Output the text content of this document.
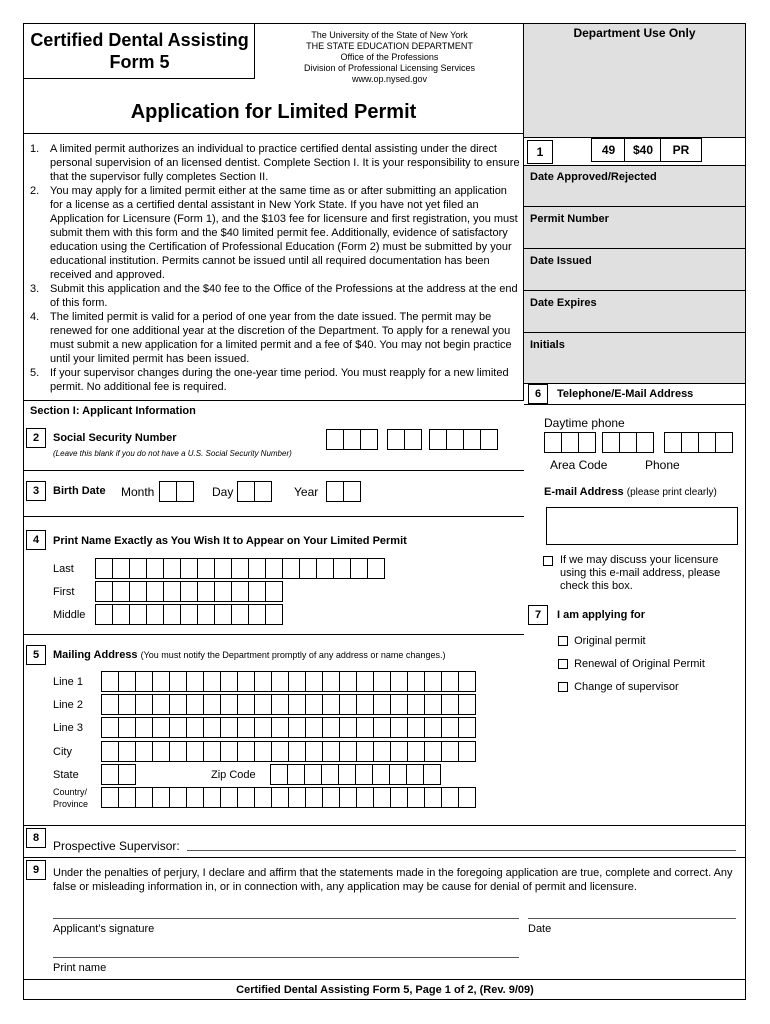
Certified Dental Assisting
Form 5
The University of the State of New York
THE STATE EDUCATION DEPARTMENT
Office of the Professions
Division of Professional Licensing Services
www.op.nysed.gov
Application for Limited Permit
1. A limited permit authorizes an individual to practice certified dental assisting under the direct personal supervision of an licensed dentist. Complete Section I. It is your responsibility to ensure that the supervisor fully completes Section II.
2. You may apply for a limited permit either at the same time as or after submitting an application for a license as a certified dental assistant in New York State. If you have not yet filed an Application for Licensure (Form 1), and the $103 fee for licensure and first registration, you must submit them with this form and the $40 limited permit fee. Additionally, evidence of satisfactory education using the Certification of Professional Education (Form 2) must be submitted by your educational institution. Permits cannot be issued until all required documentation has been received and approved.
3. Submit this application and the $40 fee to the Office of the Professions at the address at the end of this form.
4. The limited permit is valid for a period of one year from the date issued. The permit may be renewed for one additional year at the discretion of the Department. To apply for a renewal you must submit a new application for a limited permit and a fee of $40. You may not begin practice until your limited permit has been issued.
5. If your supervisor changes during the one-year time period. You must reapply for a new limited permit. No additional fee is required.
Department Use Only
1	49	$40	PR
Date Approved/Rejected
Permit Number
Date Issued
Date Expires
Initials
Section I: Applicant Information
2 Social Security Number
(Leave this blank if you do not have a U.S. Social Security Number)
3 Birth Date Month	Day	Year
4 Print Name Exactly as You Wish It to Appear on Your Limited Permit
Last
First
Middle
5 Mailing Address (You must notify the Department promptly of any address or name changes.)
Line 1
Line 2
Line 3
City
State	Zip Code
Country/
Province
6 Telephone/E-Mail Address
Daytime phone
Area Code	Phone
E-mail Address (please print clearly)
If we may discuss your licensure using this e-mail address, please check this box.
7 I am applying for
Original permit
Renewal of Original Permit
Change of supervisor
8
Prospective Supervisor:
9 Under the penalties of perjury, I declare and affirm that the statements made in the foregoing application are true, complete and correct. Any false or misleading information in, or in connection with, any application may be cause for denial of permit and licensure.
Applicant’s signature	Date
Print name
Certified Dental Assisting Form 5, Page 1 of 2, (Rev. 9/09)
